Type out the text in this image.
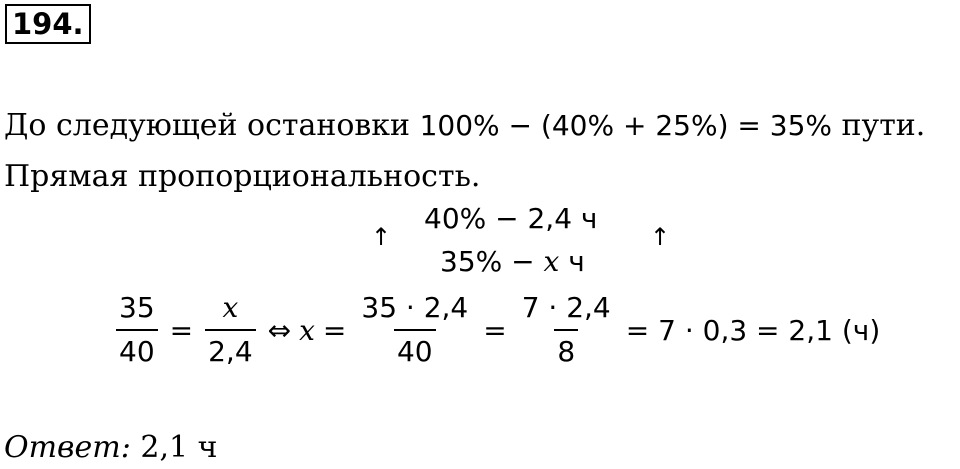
194.
До следующей остановки 100% − (40% + 25%) = 35% пути.
Прямая пропорциональность.
↑
40% − 2,4 ч
↑
35% − x ч
$\frac{35}{40} = \frac{x}{2,4}$ ⇔ $x = \frac{35 \cdot 2,4}{40} = \frac{7 \cdot 2,4}{8} = 7 \cdot 0,3 = 2,1$ (ч)
Ответ: 2,1 ч
